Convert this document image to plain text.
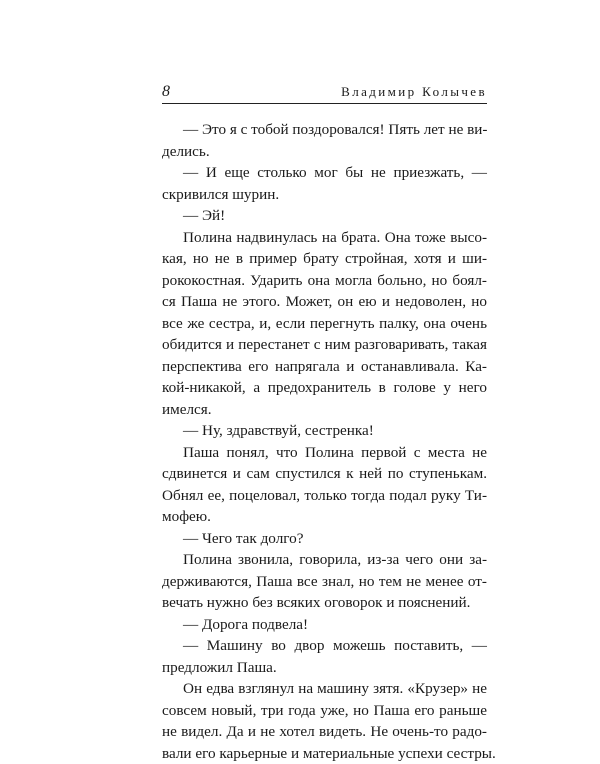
8	Владимир Колычев
— Это я с тобой поздоровался! Пять лет не ви-
делись.
— И еще столько мог бы не приезжать, —
скривился шурин.
— Эй!
Полина надвинулась на брата. Она тоже высо-
кая, но не в пример брату стройная, хотя и ши-
рококостная. Ударить она могла больно, но боял-
ся Паша не этого. Может, он ею и недоволен, но
все же сестра, и, если перегнуть палку, она очень
обидится и перестанет с ним разговаривать, такая
перспектива его напрягала и останавливала. Ка-
кой-никакой, а предохранитель в голове у него
имелся.
— Ну, здравствуй, сестренка!
Паша понял, что Полина первой с места не
сдвинется и сам спустился к ней по ступенькам.
Обнял ее, поцеловал, только тогда подал руку Ти-
мофею.
— Чего так долго?
Полина звонила, говорила, из-за чего они за-
держиваются, Паша все знал, но тем не менее от-
вечать нужно без всяких оговорок и пояснений.
— Дорога подвела!
— Машину во двор можешь поставить, —
предложил Паша.
Он едва взглянул на машину зятя. «Крузер» не
совсем новый, три года уже, но Паша его раньше
не видел. Да и не хотел видеть. Не очень-то радо-
вали его карьерные и материальные успехи сестры.
